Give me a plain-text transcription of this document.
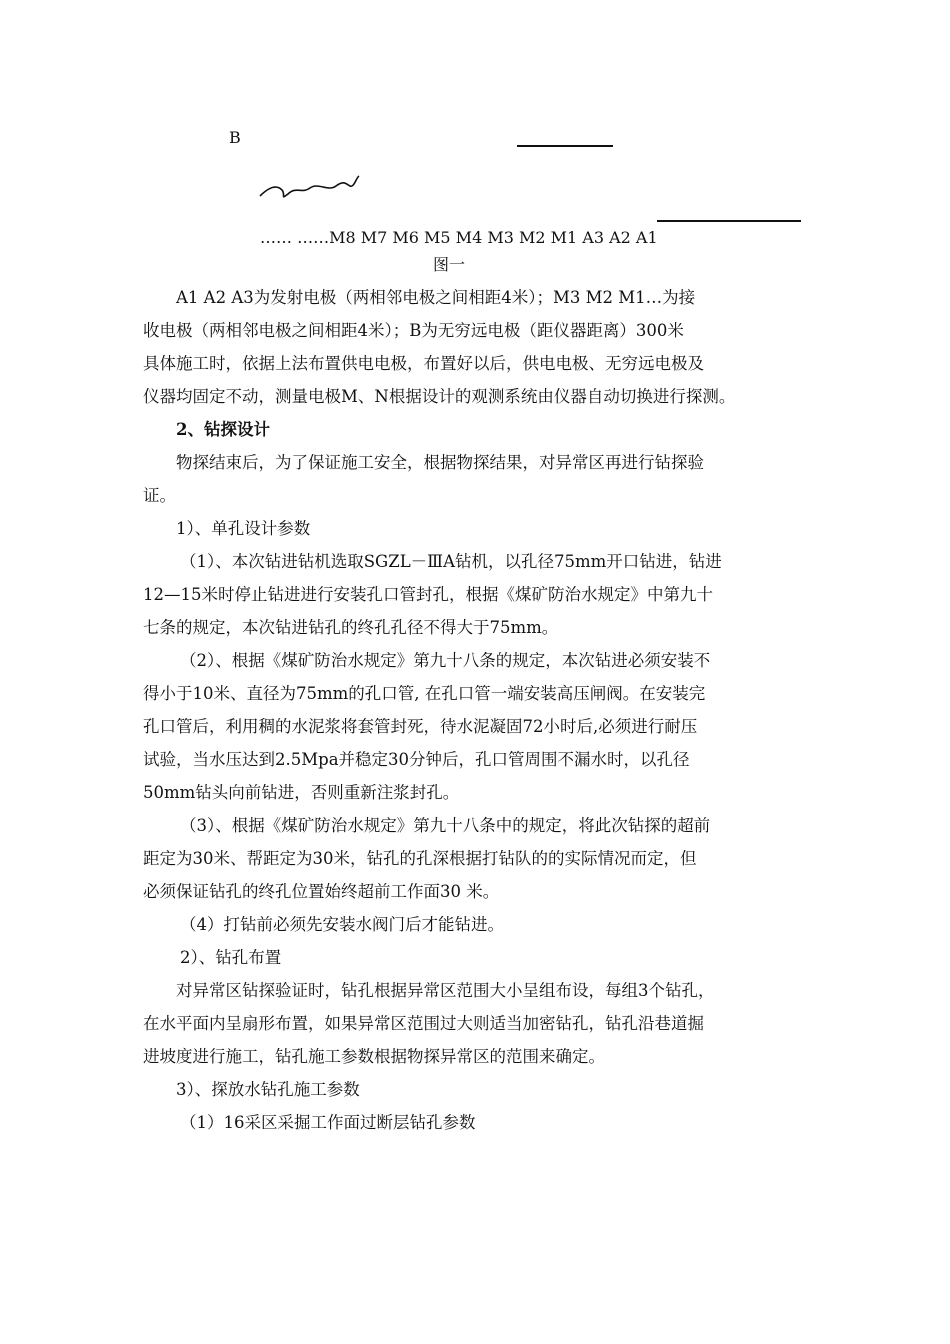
B
…… ……M8 M7 M6 M5 M4 M3 M2 M1 A3 A2 A1
图一

A1 A2 A3为发射电极（两相邻电极之间相距4米）；M3 M2 M1…为接

收电极（两相邻电极之间相距4米）；B为无穷远电极（距仪器距离）300米

具体施工时，依据上法布置供电电极，布置好以后，供电电极、无穷远电极及

仪器均固定不动，测量电极M、N根据设计的观测系统由仪器自动切换进行探测。

2、钻探设计

物探结束后，为了保证施工安全，根据物探结果，对异常区再进行钻探验

证。

1）、单孔设计参数

（1）、本次钻进钻机选取SGZL－ⅢA钻机，以孔径75mm开口钻进，钻进

12—15米时停止钻进进行安装孔口管封孔，根据《煤矿防治水规定》中第九十

七条的规定，本次钻进钻孔的终孔孔径不得大于75mm。

（2）、根据《煤矿防治水规定》第九十八条的规定，本次钻进必须安装不

得小于10米、直径为75mm的孔口管, 在孔口管一端安装高压闸阀。在安装完

孔口管后，利用稠的水泥浆将套管封死，待水泥凝固72小时后,必须进行耐压

试验，当水压达到2.5Mpa并稳定30分钟后，孔口管周围不漏水时，以孔径

50mm钻头向前钻进，否则重新注浆封孔。

（3）、根据《煤矿防治水规定》第九十八条中的规定，将此次钻探的超前

距定为30米、帮距定为30米，钻孔的孔深根据打钻队的的实际情况而定，但

必须保证钻孔的终孔位置始终超前工作面30 米。

（4）打钻前必须先安装水阀门后才能钻进。

2）、钻孔布置

对异常区钻探验证时，钻孔根据异常区范围大小呈组布设，每组3个钻孔，

在水平面内呈扇形布置，如果异常区范围过大则适当加密钻孔，钻孔沿巷道掘

进坡度进行施工，钻孔施工参数根据物探异常区的范围来确定。

3）、探放水钻孔施工参数

（1）16采区采掘工作面过断层钻孔参数
